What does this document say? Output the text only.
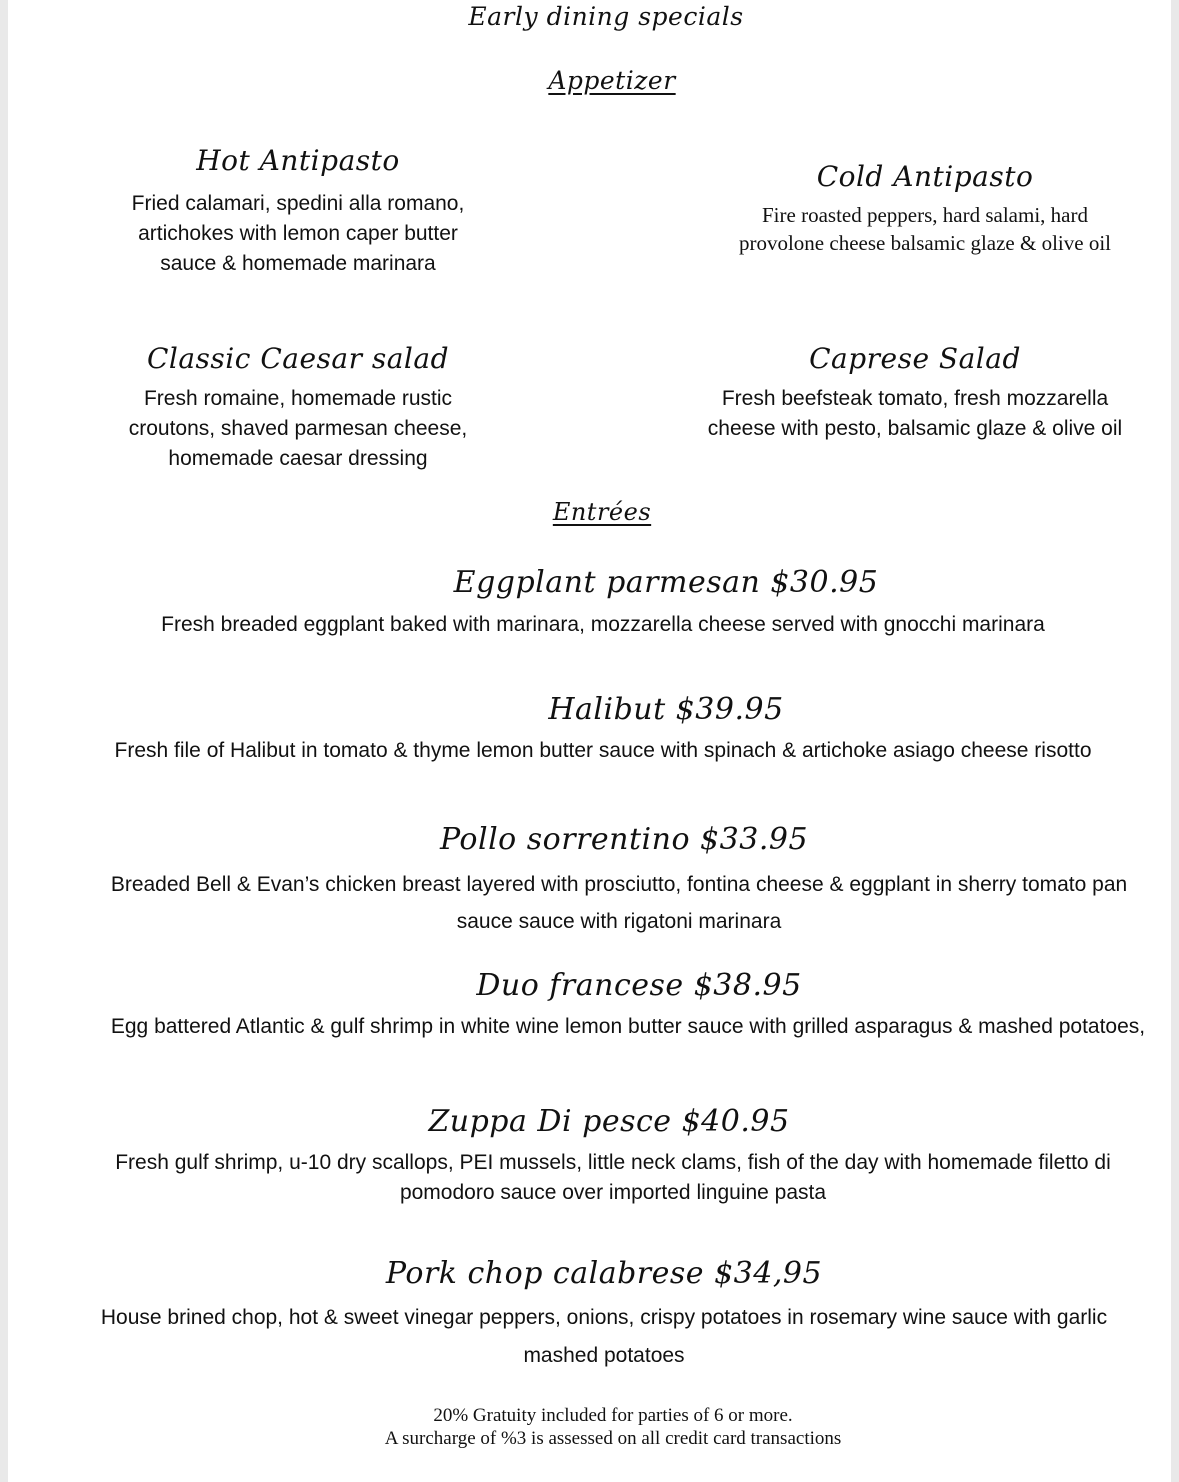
Early dining specials
Appetizer
Hot Antipasto
Fried calamari, spedini alla romano, artichokes with lemon caper butter sauce & homemade marinara
Cold Antipasto
Fire roasted peppers, hard salami, hard provolone cheese balsamic glaze & olive oil
Classic Caesar salad
Fresh romaine, homemade rustic croutons, shaved parmesan cheese, homemade caesar dressing
Caprese Salad
Fresh beefsteak tomato, fresh mozzarella cheese with pesto, balsamic glaze & olive oil
Entrées
Eggplant parmesan $30.95
Fresh breaded eggplant baked with marinara, mozzarella cheese served with gnocchi marinara
Halibut $39.95
Fresh file of Halibut in tomato & thyme lemon butter sauce with spinach & artichoke asiago cheese risotto
Pollo sorrentino $33.95
Breaded Bell & Evan’s chicken breast layered with prosciutto, fontina cheese & eggplant in sherry tomato pan sauce sauce with rigatoni marinara
Duo francese $38.95
Egg battered Atlantic & gulf shrimp in white wine lemon butter sauce with grilled asparagus & mashed potatoes,
Zuppa Di pesce $40.95
Fresh gulf shrimp, u-10 dry scallops, PEI mussels, little neck clams, fish of the day with homemade filetto di pomodoro sauce over imported linguine pasta
Pork chop calabrese $34,95
House brined chop, hot & sweet vinegar peppers, onions, crispy potatoes in rosemary wine sauce with garlic mashed potatoes
20% Gratuity included for parties of 6 or more.
A surcharge of %3 is assessed on all credit card transactions
